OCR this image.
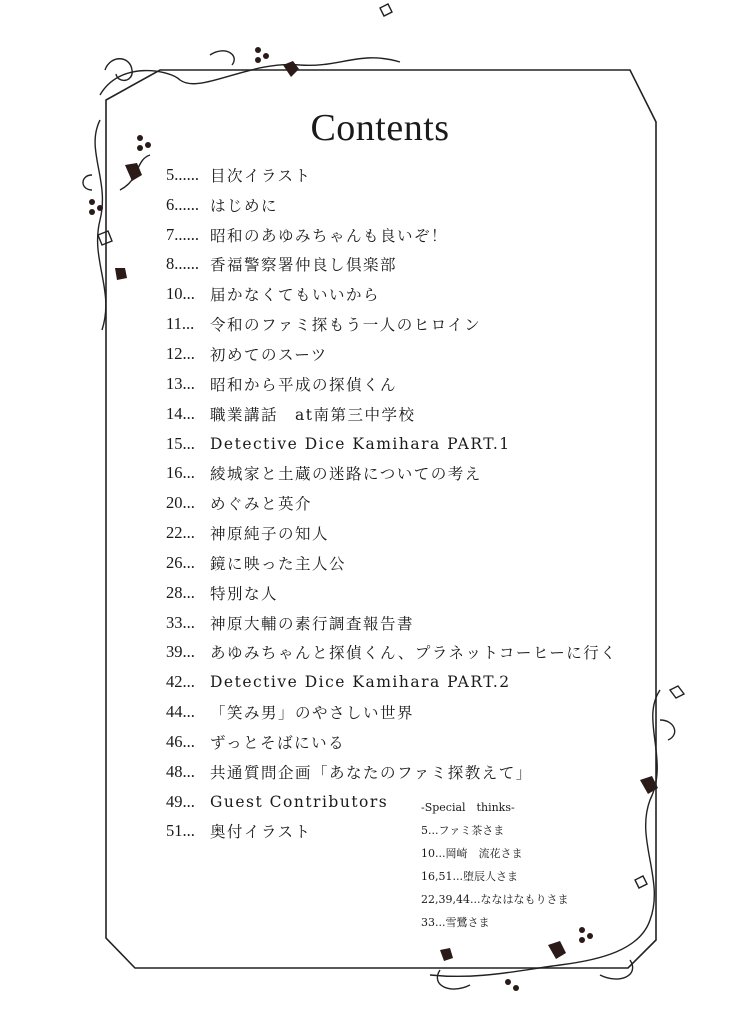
Contents
5...... 目次イラスト
6...... はじめに
7...... 昭和のあゆみちゃんも良いぞ！
8...... 香福警察署仲良し倶楽部
10... 届かなくてもいいから
11...	令和のファミ探もう一人のヒロイン
12... 初めてのスーツ
13... 昭和から平成の探偵くん
14... 職業講話　at南第三中学校
15... Detective Dice Kamihara PART.1
16... 綾城家と土蔵の迷路についての考え
20... めぐみと英介
22... 神原純子の知人
26... 鏡に映った主人公
28... 特別な人
33... 神原大輔の素行調査報告書
39... あゆみちゃんと探偵くん、プラネットコーヒーに行く
42... Detective Dice Kamihara PART.2
44... 「笑み男」のやさしい世界
46... ずっとそばにいる
48... 共通質問企画「あなたのファミ探教えて」
49... Guest Contributors
51... 奥付イラスト
-Special　thinks-
5...ファミ茶さま
10...岡崎　流花さま
16,51...堕辰人さま
22,39,44...ななはなもりさま
33...雪鷺さま
